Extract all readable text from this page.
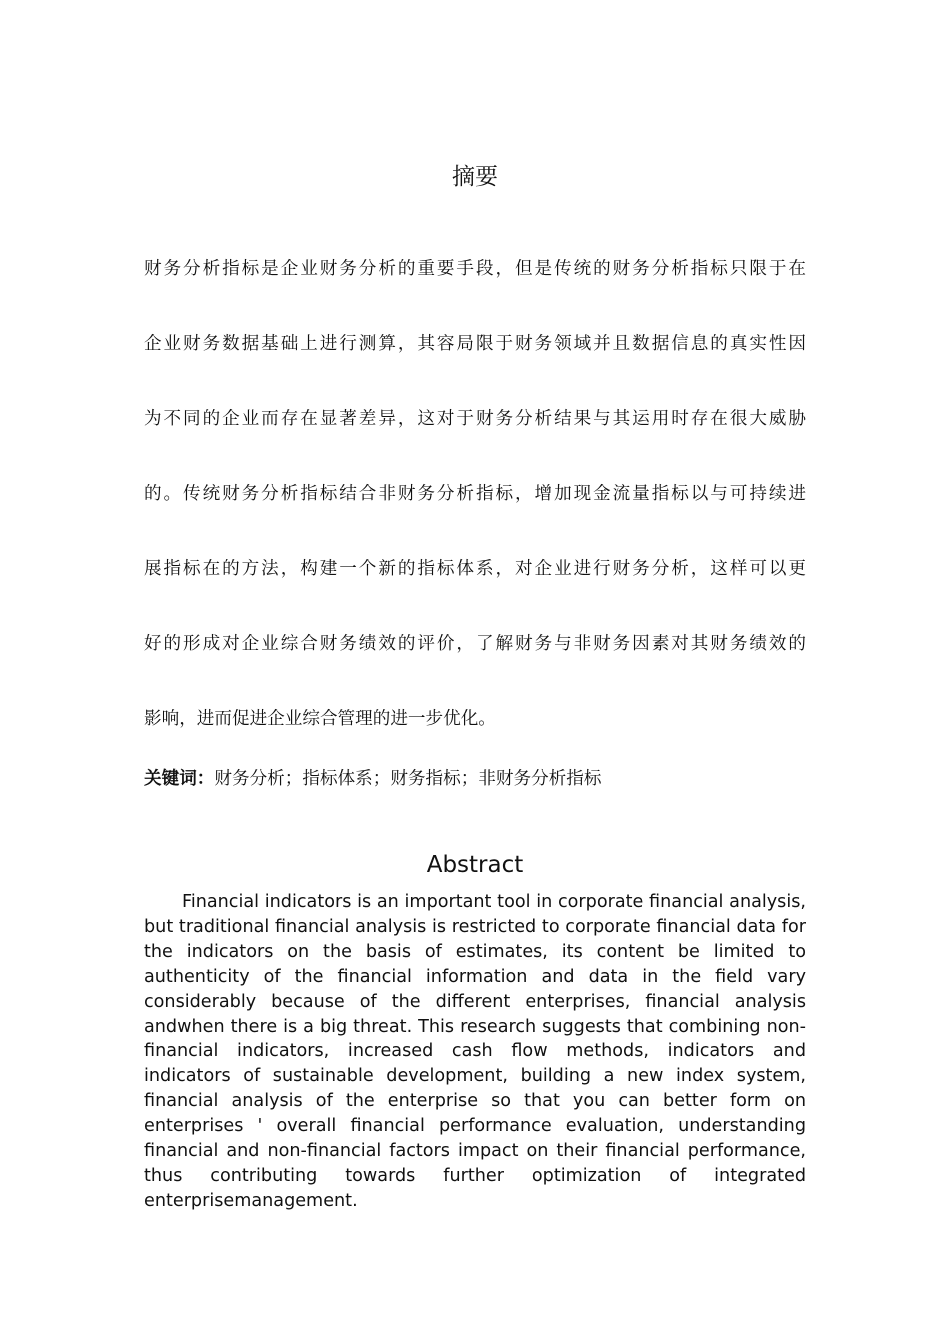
摘要
财务分析指标是企业财务分析的重要手段，但是传统的财务分析指标只限于在
企业财务数据基础上进行测算，其容局限于财务领域并且数据信息的真实性因
为不同的企业而存在显著差异，这对于财务分析结果与其运用时存在很大威胁
的。传统财务分析指标结合非财务分析指标，增加现金流量指标以与可持续进
展指标在的方法，构建一个新的指标体系，对企业进行财务分析，这样可以更
好的形成对企业综合财务绩效的评价，了解财务与非财务因素对其财务绩效的
影响，进而促进企业综合管理的进一步优化。
关键词：财务分析；指标体系；财务指标；非财务分析指标
Abstract

Financial indicators is an important tool in corporate financial analysis, but traditional financial analysis is restricted to corporate financial data for the indicators on the basis of estimates, its content be limited to authenticity of the financial information and data in the field vary considerably because of the different enterprises, financial analysis andwhen there is a big threat. This research suggests that combining non-financial indicators, increased cash flow methods, indicators and indicators of sustainable development, building a new index system, financial analysis of the enterprise so that you can better form on enterprises ' overall financial performance evaluation, understanding financial and non-financial factors impact on their financial performance, thus contributing towards further optimization of integrated enterprisemanagement.
